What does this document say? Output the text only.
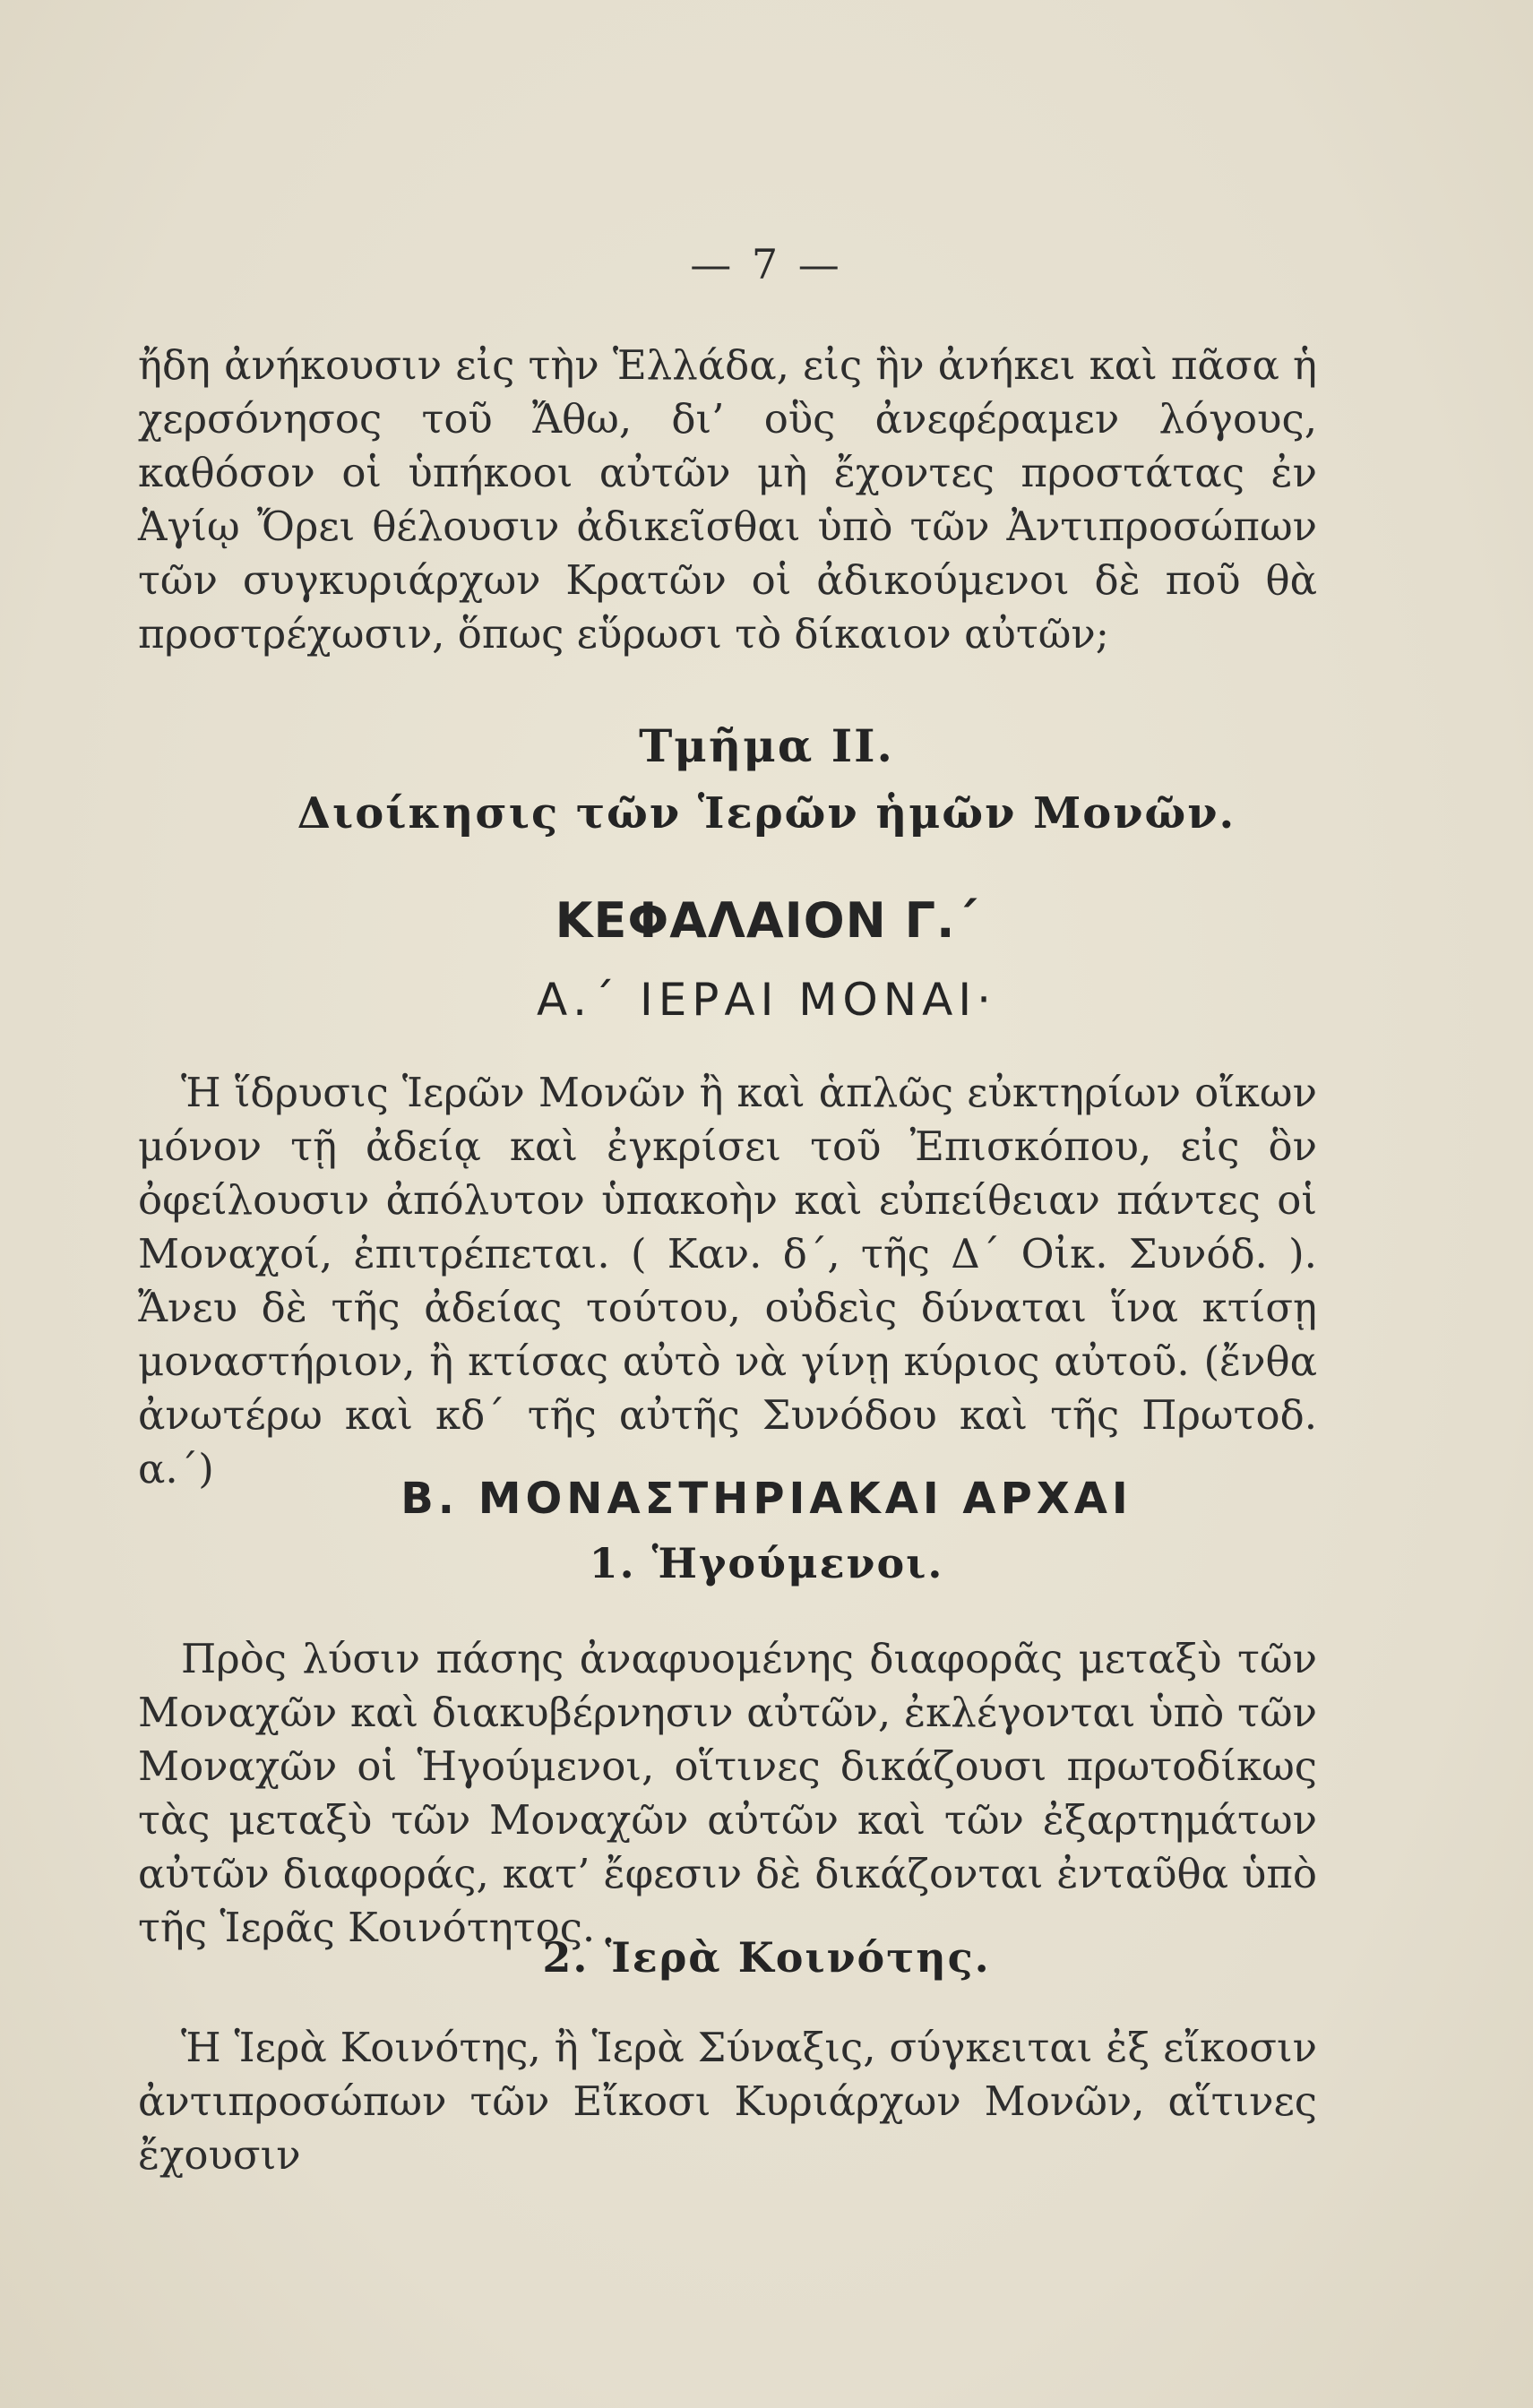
— 7 —

ἤδη ἀνήκουσιν εἰς τὴν Ἑλλάδα, εἰς ἣν ἀνήκει καὶ πᾶσα ἡ χερσόνησος τοῦ Ἄθω, δι’ οὓς ἀνεφέραμεν λόγους, καθόσον οἱ ὑπήκοοι αὐτῶν μὴ ἔχοντες προστάτας ἐν Ἁγίῳ Ὄρει θέλουσιν ἀδικεῖσθαι ὑπὸ τῶν Ἀντιπροσώπων τῶν συγκυριάρχων Κρατῶν οἱ ἀδικούμενοι δὲ ποῦ θὰ προστρέχωσιν, ὅπως εὕρωσι τὸ δίκαιον αὐτῶν;

Τμῆμα ΙΙ.
Διοίκησις τῶν Ἱερῶν ἡμῶν Μονῶν.
ΚΕΦΑΛΑΙΟΝ Γ.΄
Α.΄ ΙΕΡΑΙ ΜΟΝΑΙ·

Ἡ ἵδρυσις Ἱερῶν Μονῶν ἢ καὶ ἁπλῶς εὐκτηρίων οἴκων μόνον τῇ ἀδείᾳ καὶ ἐγκρίσει τοῦ Ἐπισκόπου, εἰς ὃν ὀφείλουσιν ἀπόλυτον ὑπακοὴν καὶ εὐπείθειαν πάντες οἱ Μοναχοί, ἐπιτρέπεται. ( Καν. δ΄, τῆς Δ΄ Οἰκ. Συνόδ. ). Ἄνευ δὲ τῆς ἀδείας τούτου, οὐδεὶς δύναται ἵνα κτίσῃ μοναστήριον, ἢ κτίσας αὐτὸ νὰ γίνῃ κύριος αὐτοῦ. (ἔνθα ἀνωτέρω καὶ κδ΄ τῆς αὐτῆς Συνόδου καὶ τῆς Πρωτοδ. α.΄)

Β. ΜΟΝΑΣΤΗΡΙΑΚΑΙ ΑΡΧΑΙ
1. Ἡγούμενοι.

Πρὸς λύσιν πάσης ἀναφυομένης διαφορᾶς μεταξὺ τῶν Μοναχῶν καὶ διακυβέρνησιν αὐτῶν, ἐκλέγονται ὑπὸ τῶν Μοναχῶν οἱ Ἡγούμενοι, οἵτινες δικάζουσι πρωτοδίκως τὰς μεταξὺ τῶν Μοναχῶν αὐτῶν καὶ τῶν ἐξαρτημάτων αὐτῶν διαφοράς, κατ’ ἔφεσιν δὲ δικάζονται ἐνταῦθα ὑπὸ τῆς Ἱερᾶς Κοινότητος.

2. Ἱερὰ Κοινότης.

Ἡ Ἱερὰ Κοινότης, ἢ Ἱερὰ Σύναξις, σύγκειται ἐξ εἴκοσιν ἀντιπροσώπων τῶν Εἴκοσι Κυριάρχων Μονῶν, αἵτινες ἔχουσιν
